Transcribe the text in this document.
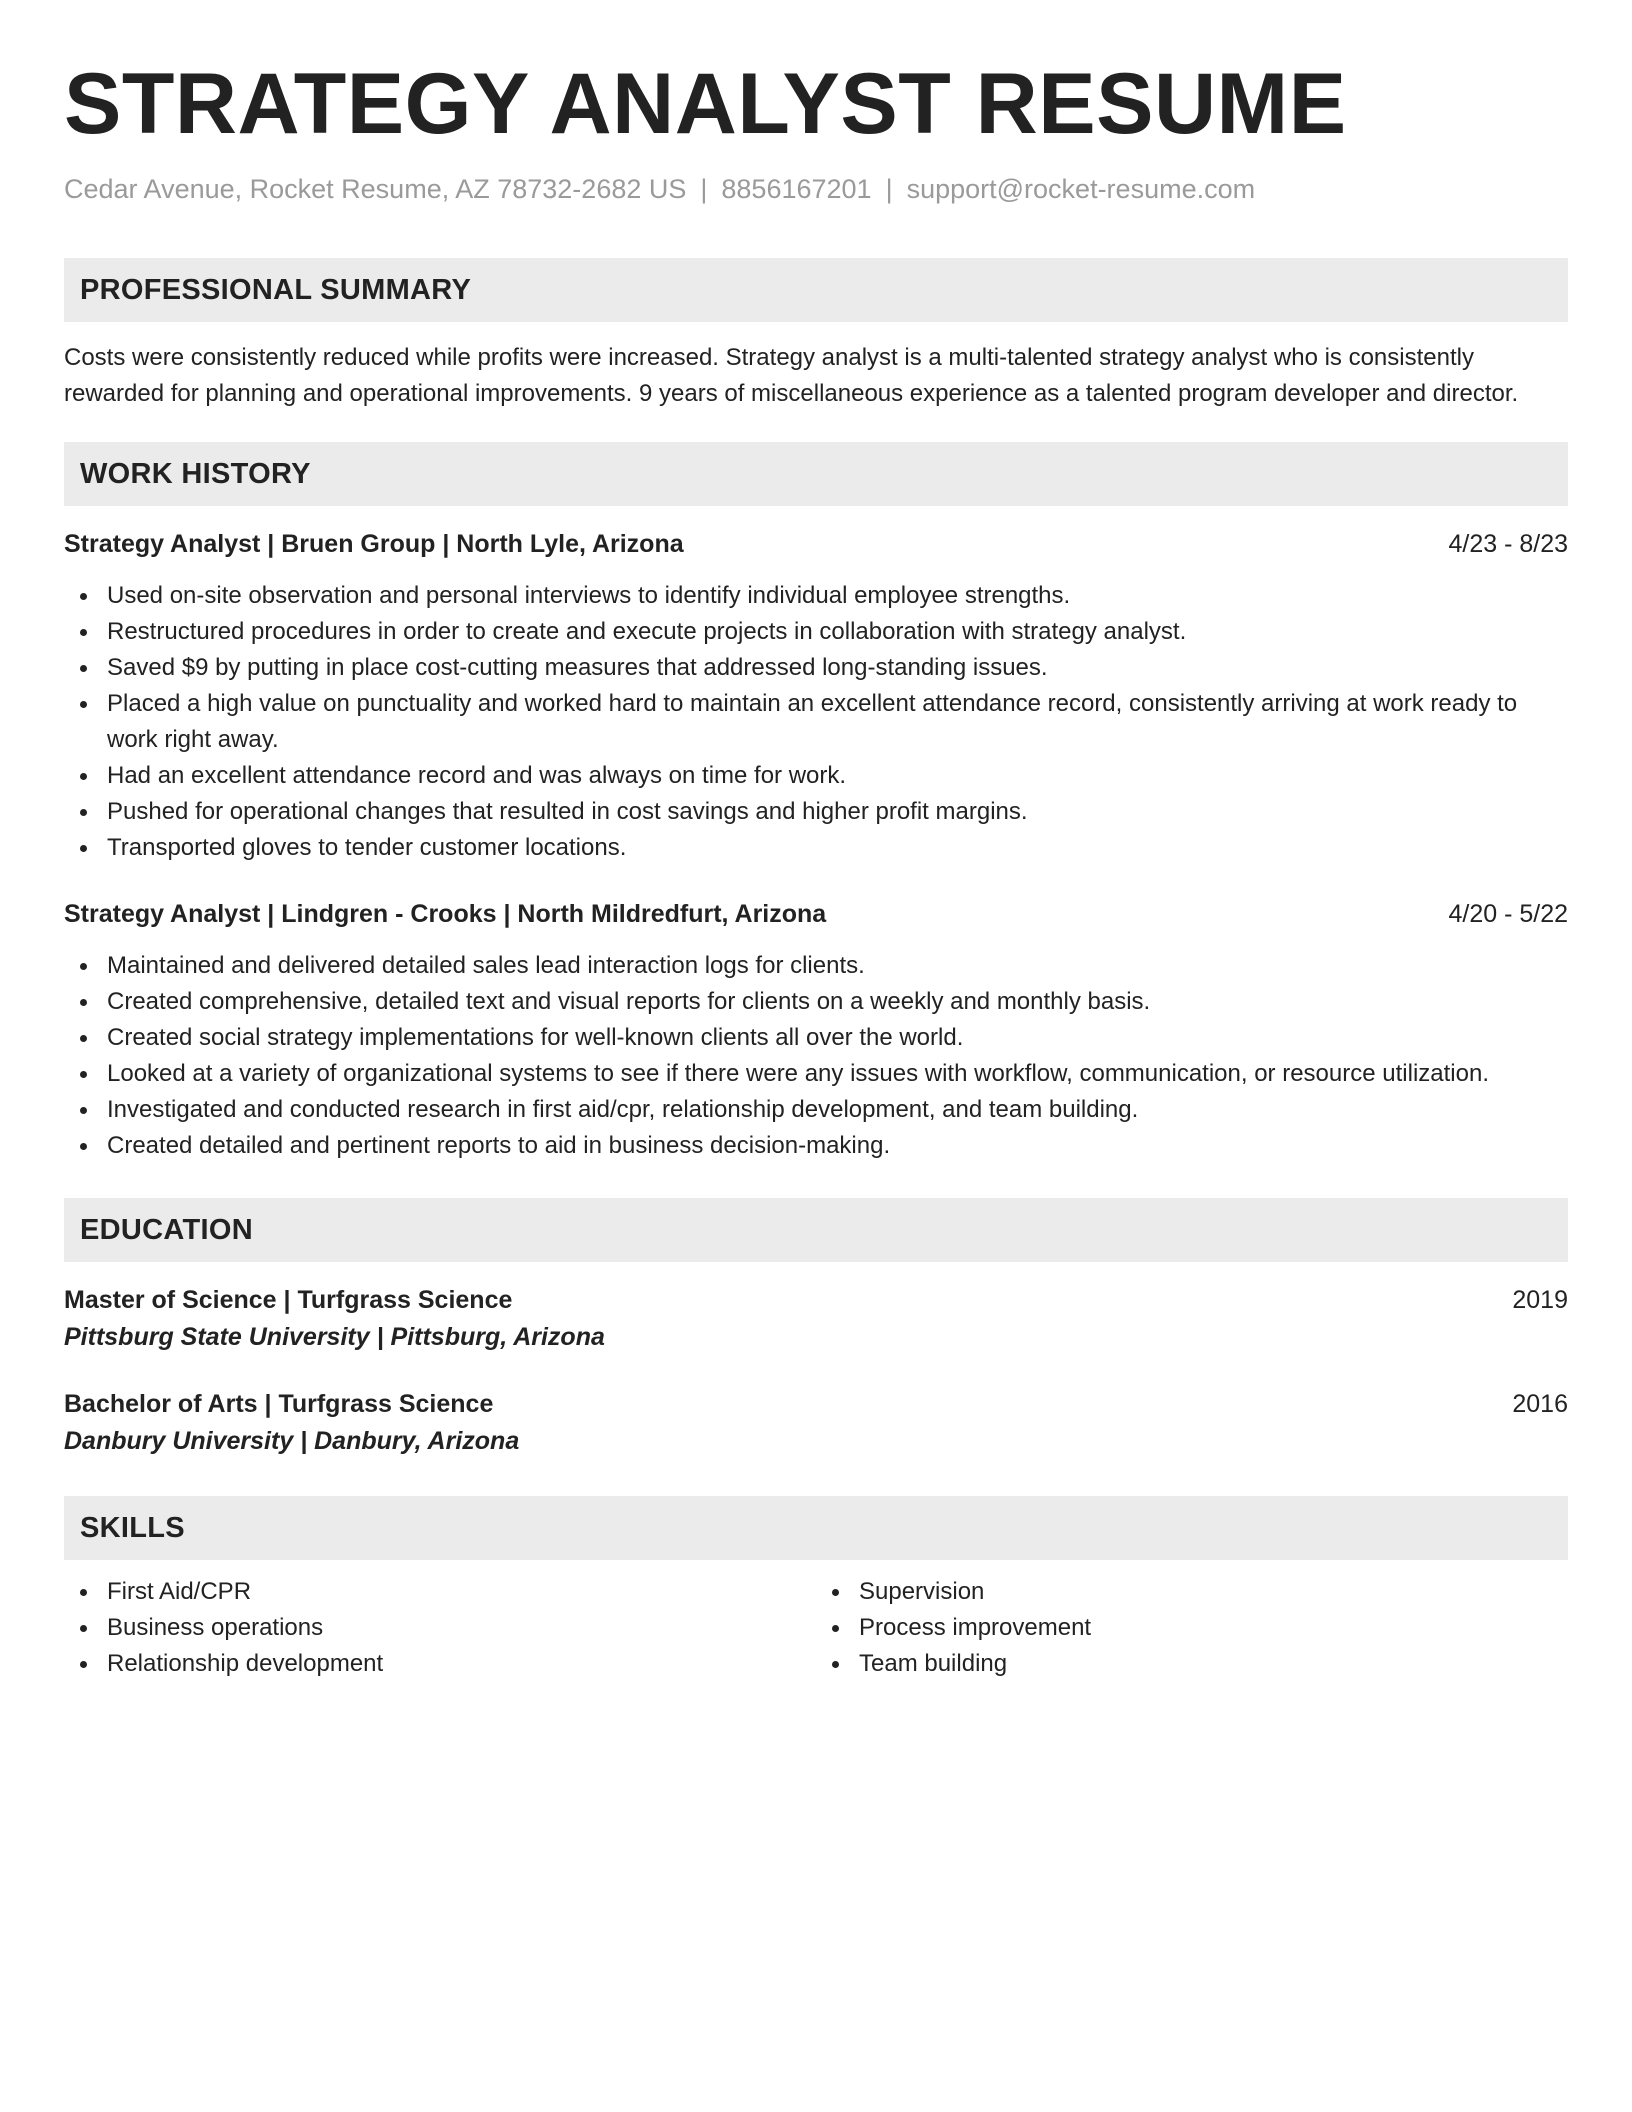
STRATEGY ANALYST RESUME
Cedar Avenue, Rocket Resume, AZ 78732-2682 US | 8856167201 | support@rocket-resume.com
PROFESSIONAL SUMMARY

Costs were consistently reduced while profits were increased. Strategy analyst is a multi-talented strategy analyst who is consistently rewarded for planning and operational improvements. 9 years of miscellaneous experience as a talented program developer and director.

WORK HISTORY
Strategy Analyst | Bruen Group | North Lyle, Arizona	4/23 - 8/23
Used on-site observation and personal interviews to identify individual employee strengths.
Restructured procedures in order to create and execute projects in collaboration with strategy analyst.
Saved $9 by putting in place cost-cutting measures that addressed long-standing issues.
Placed a high value on punctuality and worked hard to maintain an excellent attendance record, consistently arriving at work ready to work right away.
Had an excellent attendance record and was always on time for work.
Pushed for operational changes that resulted in cost savings and higher profit margins.
Transported gloves to tender customer locations.
Strategy Analyst | Lindgren - Crooks | North Mildredfurt, Arizona	4/20 - 5/22
Maintained and delivered detailed sales lead interaction logs for clients.
Created comprehensive, detailed text and visual reports for clients on a weekly and monthly basis.
Created social strategy implementations for well-known clients all over the world.
Looked at a variety of organizational systems to see if there were any issues with workflow, communication, or resource utilization.
Investigated and conducted research in first aid/cpr, relationship development, and team building.
Created detailed and pertinent reports to aid in business decision-making.
EDUCATION
Master of Science | Turfgrass Science	2019
Pittsburg State University | Pittsburg, Arizona
Bachelor of Arts | Turfgrass Science	2016
Danbury University | Danbury, Arizona
SKILLS
First Aid/CPR
Business operations
Relationship development
Supervision
Process improvement
Team building
